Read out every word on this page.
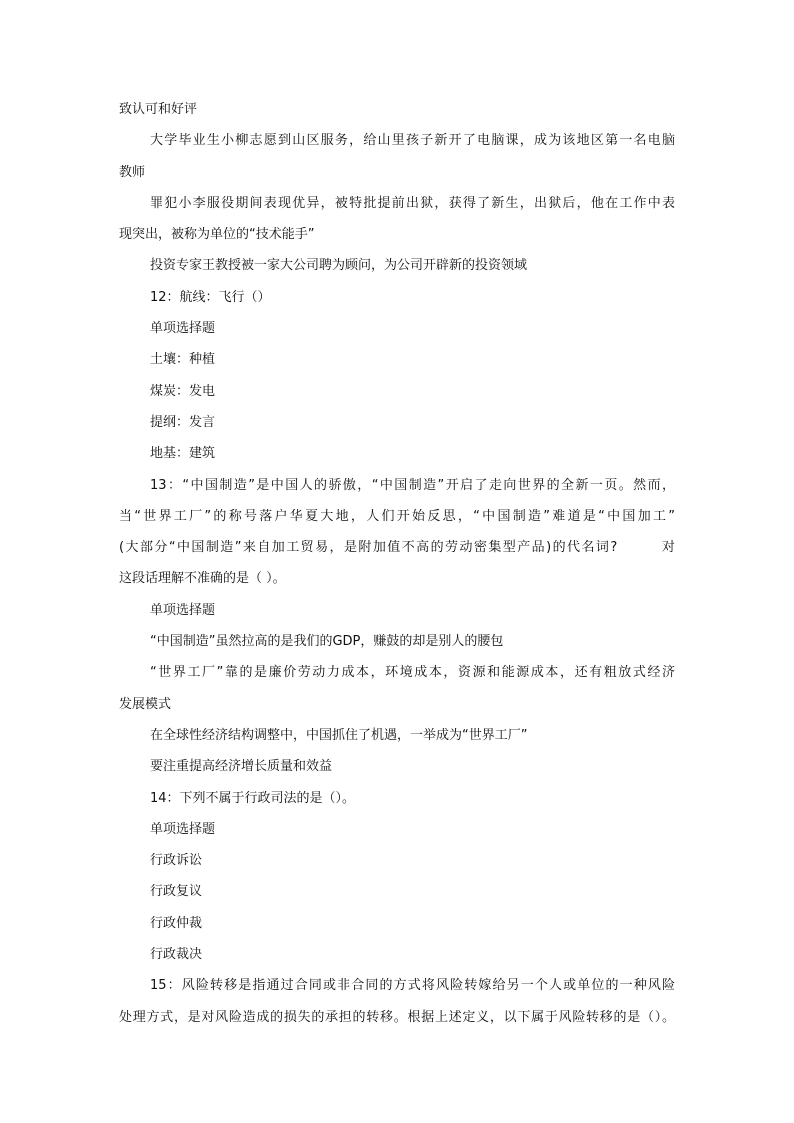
致认可和好评
大学毕业生小柳志愿到山区服务，给山里孩子新开了电脑课，成为该地区第一名电脑
教师
罪犯小李服役期间表现优异，被特批提前出狱，获得了新生，出狱后，他在工作中表
现突出，被称为单位的“技术能手”
投资专家王教授被一家大公司聘为顾问，为公司开辟新的投资领域
12：航线：飞行（）
单项选择题
土壤：种植
煤炭：发电
提纲：发言
地基：建筑
13：“中国制造”是中国人的骄傲，“中国制造”开启了走向世界的全新一页。然而，
当“世界工厂”的称号落户华夏大地，人们开始反思，“中国制造”难道是“中国加工”
(大部分“中国制造”来自加工贸易，是附加值不高的劳动密集型产品)的代名词?　　　对
这段话理解不准确的是（ ）。
单项选择题
“中国制造”虽然拉高的是我们的GDP，赚鼓的却是别人的腰包
“世界工厂”靠的是廉价劳动力成本，环境成本，资源和能源成本，还有粗放式经济
发展模式
在全球性经济结构调整中，中国抓住了机遇，一举成为“世界工厂”
要注重提高经济增长质量和效益
14：下列不属于行政司法的是（）。
单项选择题
行政诉讼
行政复议
行政仲裁
行政裁决
15：风险转移是指通过合同或非合同的方式将风险转嫁给另一个人或单位的一种风险
处理方式，是对风险造成的损失的承担的转移。根据上述定义，以下属于风险转移的是（）。
